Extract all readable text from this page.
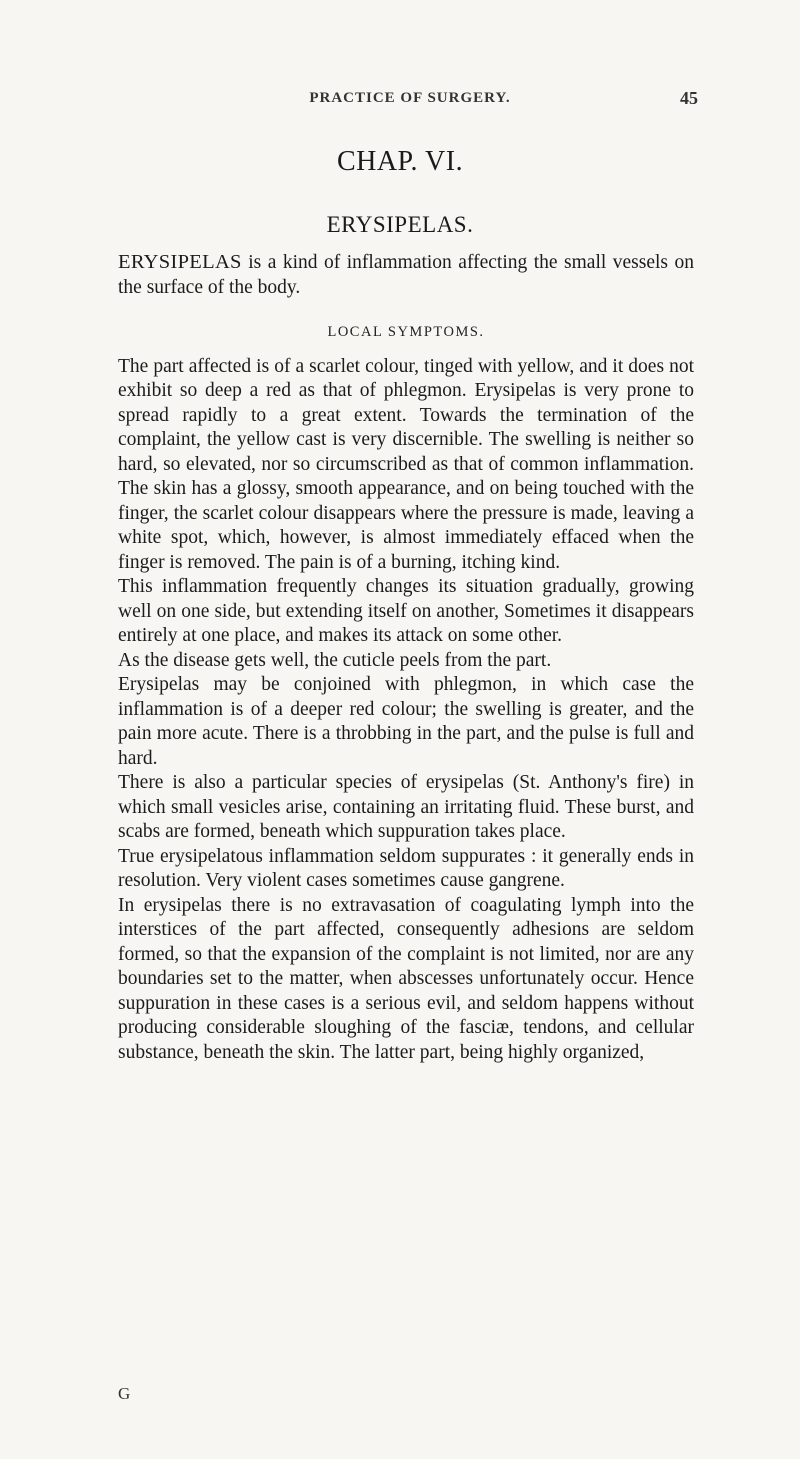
PRACTICE OF SURGERY.	45
CHAP. VI.
ERYSIPELAS.

ERYSIPELAS is a kind of inflammation affecting the small vessels on the surface of the body.

LOCAL SYMPTOMS.

The part affected is of a scarlet colour, tinged with yellow, and it does not exhibit so deep a red as that of phlegmon. Erysipelas is very prone to spread rapidly to a great extent. Towards the termination of the complaint, the yellow cast is very discernible. The swelling is neither so hard, so elevated, nor so circumscribed as that of common inflammation. The skin has a glossy, smooth appearance, and on being touched with the finger, the scarlet colour disappears where the pressure is made, leaving a white spot, which, however, is almost immediately effaced when the finger is removed. The pain is of a burning, itching kind.

This inflammation frequently changes its situation gradually, growing well on one side, but extending itself on another, Sometimes it disappears entirely at one place, and makes its attack on some other.

As the disease gets well, the cuticle peels from the part.

Erysipelas may be conjoined with phlegmon, in which case the inflammation is of a deeper red colour; the swelling is greater, and the pain more acute. There is a throbbing in the part, and the pulse is full and hard.

There is also a particular species of erysipelas (St. Anthony's fire) in which small vesicles arise, containing an irritating fluid. These burst, and scabs are formed, beneath which suppuration takes place.

True erysipelatous inflammation seldom suppurates : it generally ends in resolution. Very violent cases sometimes cause gangrene.

In erysipelas there is no extravasation of coagulating lymph into the interstices of the part affected, consequently adhesions are seldom formed, so that the expansion of the complaint is not limited, nor are any boundaries set to the matter, when abscesses unfortunately occur. Hence suppuration in these cases is a serious evil, and seldom happens without producing considerable sloughing of the fasciæ, tendons, and cellular substance, beneath the skin. The latter part, being highly organized,

G
